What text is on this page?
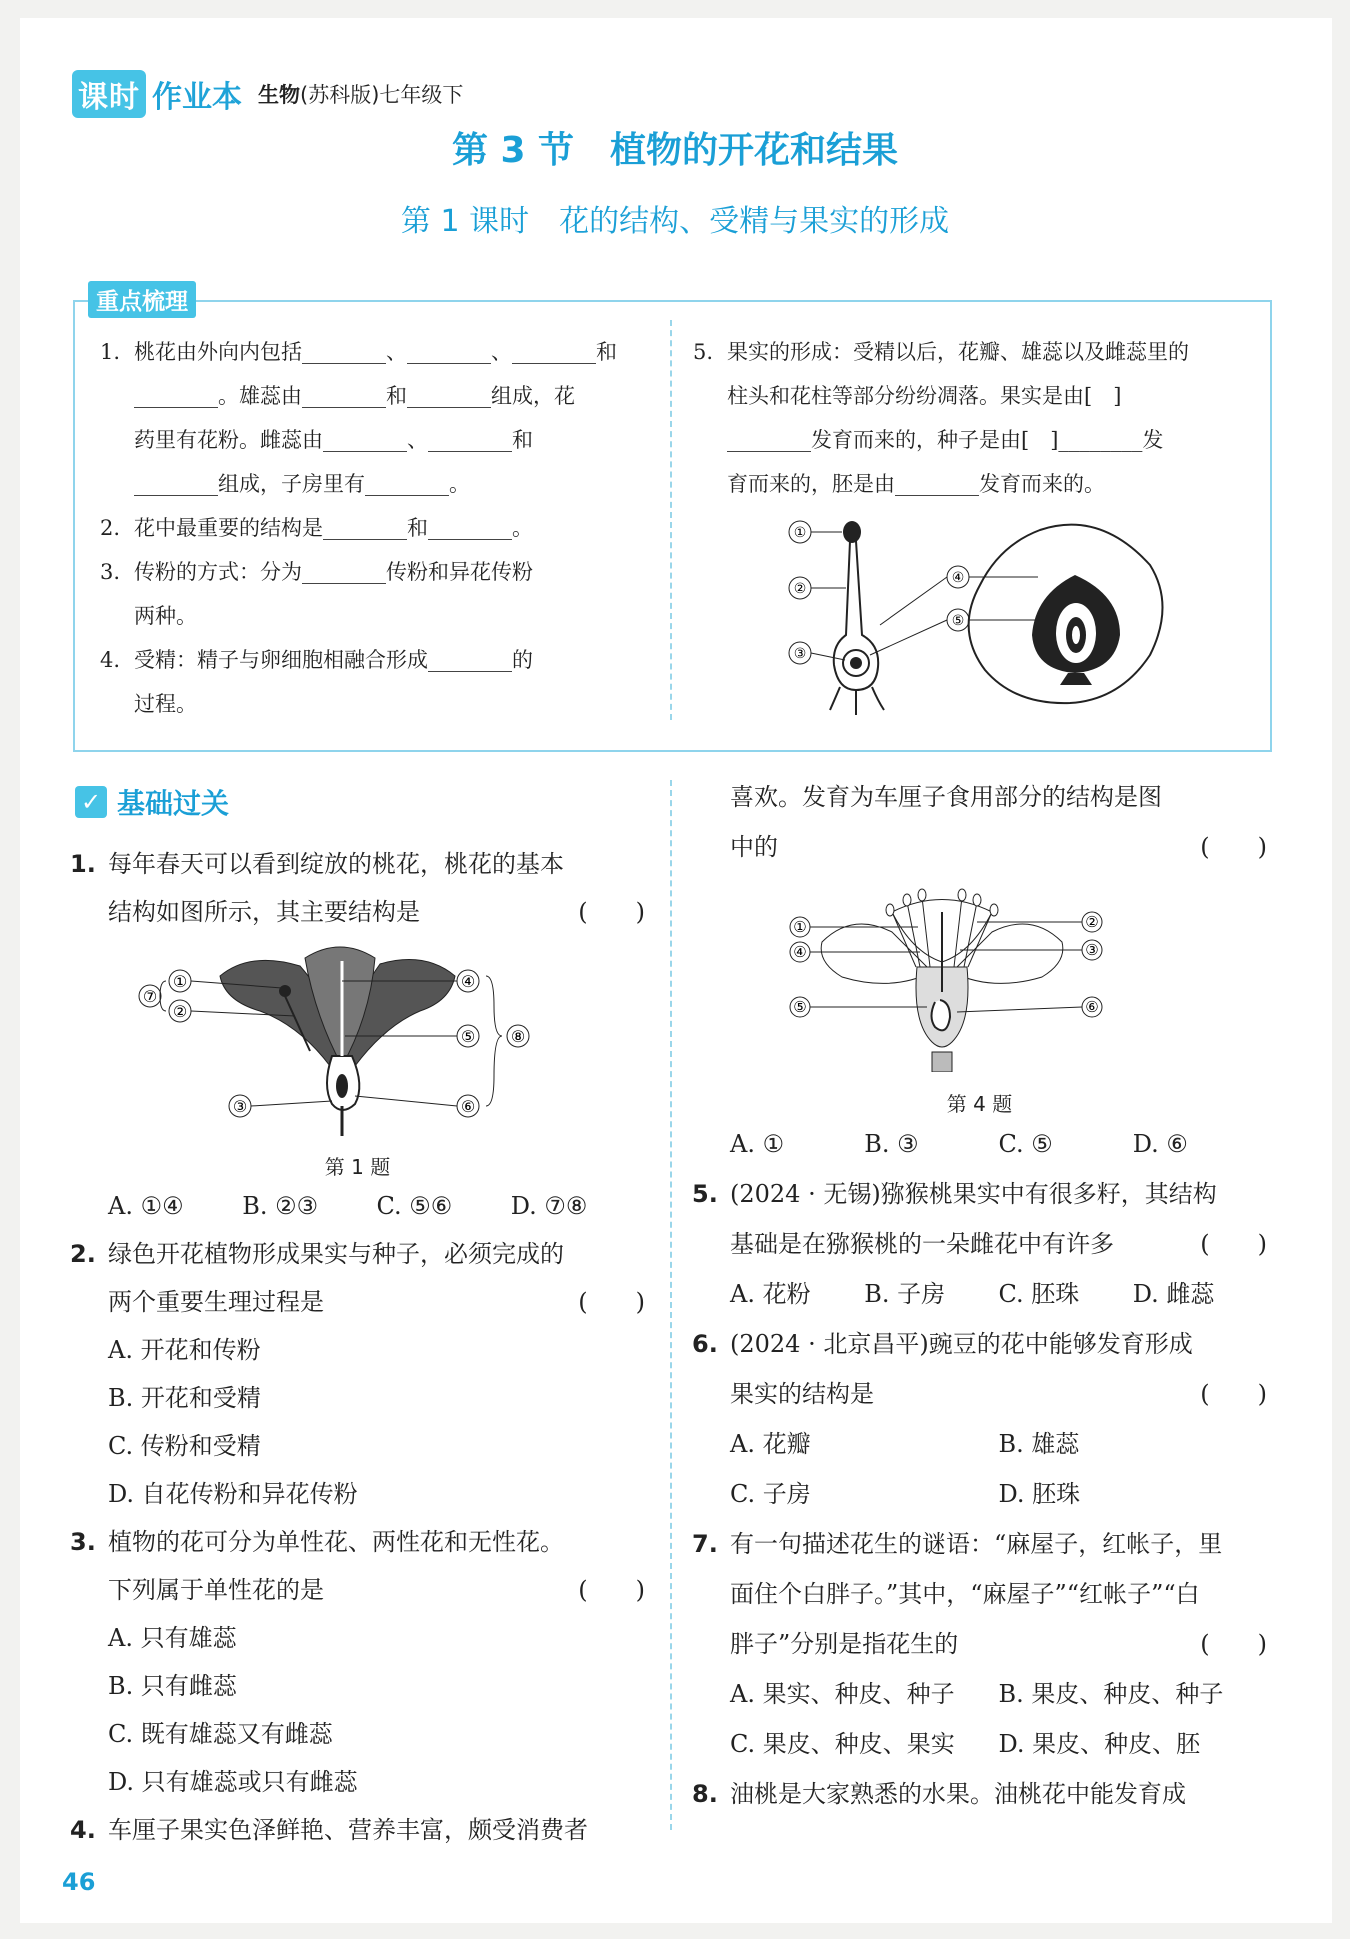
课时 作业本 生物 (苏科版)七年级下
第 3 节　植物的开花和结果
第 1 课时　花的结构、受精与果实的形成
重点梳理

1. 桃花由外向内包括________、________、________和

________。雄蕊由________和________组成，花

药里有花粉。雌蕊由________、________和

________组成，子房里有________。

2. 花中最重要的结构是________和________。

3. 传粉的方式：分为________传粉和异花传粉

两种。

4. 受精：精子与卵细胞相融合形成________的

过程。

5. 果实的形成：受精以后，花瓣、雄蕊以及雌蕊里的

柱头和花柱等部分纷纷凋落。果实是由[　]

________发育而来的，种子是由[　]________发

育而来的，胚是由________发育而来的。

①
②
③
④
⑤
✓ 基础过关

1. 每年春天可以看到绽放的桃花，桃花的基本

结构如图所示，其主要结构是	(　　)

⑦
①
②
③
④
⑤
⑥
⑧
第 1 题
A. ①④	B. ②③	C. ⑤⑥	D. ⑦⑧

2. 绿色开花植物形成果实与种子，必须完成的

两个重要生理过程是	(　　)

A. 开花和传粉

B. 开花和受精

C. 传粉和受精

D. 自花传粉和异花传粉

3. 植物的花可分为单性花、两性花和无性花。

下列属于单性花的是	(　　)

A. 只有雄蕊

B. 只有雌蕊

C. 既有雄蕊又有雌蕊

D. 只有雄蕊或只有雌蕊

4. 车厘子果实色泽鲜艳、营养丰富，颇受消费者

喜欢。发育为车厘子食用部分的结构是图

中的	(　　)

①
④
⑤
②
③
⑥
第 4 题
A. ①	B. ③	C. ⑤	D. ⑥

5. (2024 · 无锡)猕猴桃果实中有很多籽，其结构

基础是在猕猴桃的一朵雌花中有许多	(　　)

A. 花粉	B. 子房	C. 胚珠	D. 雌蕊

6. (2024 · 北京昌平)豌豆的花中能够发育形成

果实的结构是	(　　)

A. 花瓣	B. 雄蕊
C. 子房	D. 胚珠

7. 有一句描述花生的谜语：“麻屋子，红帐子，里

面住个白胖子。”其中，“麻屋子”“红帐子”“白

胖子”分别是指花生的	(　　)

A. 果实、种皮、种子	B. 果皮、种皮、种子
C. 果皮、种皮、果实	D. 果皮、种皮、胚

8. 油桃是大家熟悉的水果。油桃花中能发育成

46
